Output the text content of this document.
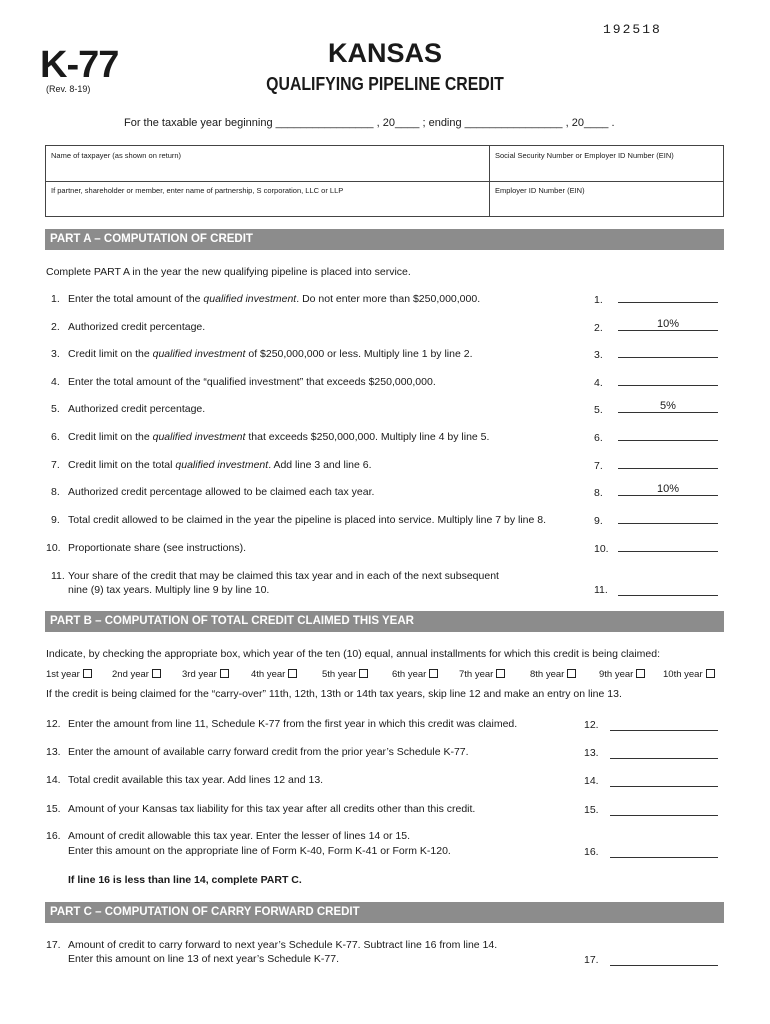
192518
K-77
(Rev. 8-19)
KANSAS
QUALIFYING PIPELINE CREDIT
For the taxable year beginning ________________ , 20____ ; ending ________________ , 20____ .
Name of taxpayer (as shown on return)	Social Security Number or Employer ID Number (EIN)
If partner, shareholder or member, enter name of partnership, S corporation, LLC or LLP	Employer ID Number (EIN)
PART A – COMPUTATION OF CREDIT
Complete PART A in the year the new qualifying pipeline is placed into service.
1. Enter the total amount of the qualified investment. Do not enter more than $250,000,000.	1.
2. Authorized credit percentage.	2.	10%
3. Credit limit on the qualified investment of $250,000,000 or less. Multiply line 1 by line 2.	3.
4. Enter the total amount of the “qualified investment” that exceeds $250,000,000.	4.
5. Authorized credit percentage.	5.	5%
6. Credit limit on the qualified investment that exceeds $250,000,000. Multiply line 4 by line 5.	6.
7. Credit limit on the total qualified investment. Add line 3 and line 6.	7.
8. Authorized credit percentage allowed to be claimed each tax year.	8.	10%
9. Total credit allowed to be claimed in the year the pipeline is placed into service. Multiply line 7 by line 8.	9.
10. Proportionate share (see instructions).	10.
11. Your share of the credit that may be claimed this tax year and in each of the next subsequent
nine (9) tax years. Multiply line 9 by line 10.	11.
PART B – COMPUTATION OF TOTAL CREDIT CLAIMED THIS YEAR
Indicate, by checking the appropriate box, which year of the ten (10) equal, annual installments for which this credit is being claimed:
1st year	2nd year	3rd year	4th year	5th year	6th year	7th year	8th year	9th year	10th year
If the credit is being claimed for the “carry-over” 11th, 12th, 13th or 14th tax years, skip line 12 and make an entry on line 13.
12. Enter the amount from line 11, Schedule K-77 from the first year in which this credit was claimed.	12.
13. Enter the amount of available carry forward credit from the prior year’s Schedule K-77.	13.
14. Total credit available this tax year. Add lines 12 and 13.	14.
15. Amount of your Kansas tax liability for this tax year after all credits other than this credit.	15.
16. Amount of credit allowable this tax year. Enter the lesser of lines 14 or 15.
Enter this amount on the appropriate line of Form K-40, Form K-41 or Form K-120.	16.
If line 16 is less than line 14, complete PART C.
PART C – COMPUTATION OF CARRY FORWARD CREDIT
17. Amount of credit to carry forward to next year’s Schedule K-77. Subtract line 16 from line 14.
Enter this amount on line 13 of next year’s Schedule K-77.	17.
